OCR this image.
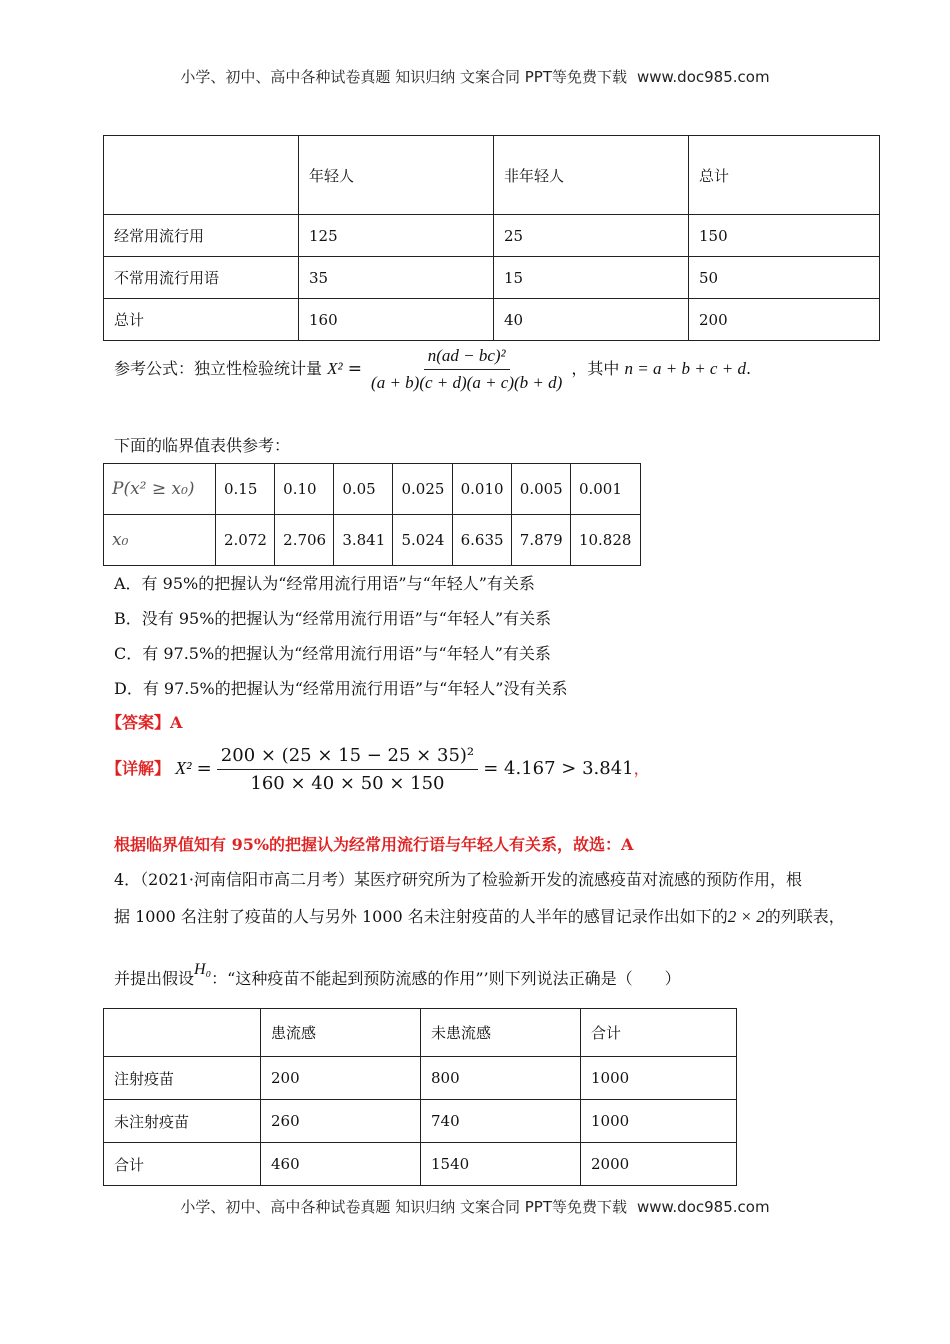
小学、初中、高中各种试卷真题 知识归纳 文案合同 PPT等免费下载 www.doc985.com
	年轻人	非年轻人	总计
经常用流行用	125	25	150
不常用流行用语	35	15	50
总计	160	40	200
参考公式：独立性检验统计量 $X^2 = \frac{\text{n(ad − bc)²}}{(a + b)(c + d)(a + c)(b + d)}$ ，其中 n = a + b + c + d.
下面的临界值表供参考：
P(x² ≥ x₀)	0.15	0.10	0.05	0.025	0.010	0.005	0.001
x₀	2.072	2.706	3.841	5.024	6.635	7.879	10.828
A．有 95%的把握认为“经常用流行用语”与“年轻人”有关系
B．没有 95%的把握认为“经常用流行用语”与“年轻人”有关系
C．有 97.5%的把握认为“经常用流行用语”与“年轻人”有关系
D．有 97.5%的把握认为“经常用流行用语”与“年轻人”没有关系
【答案】A
【详解】 $X^2 = \frac{\text{200 × (25 × 15 − 25 × 35)²}}{160 \times 40 \times 50 \times 150} = 4.167 > 3.841$，
根据临界值知有 95%的把握认为经常用流行语与年轻人有关系，故选：A
4．（2021·河南信阳市高二月考）某医疗研究所为了检验新开发的流感疫苗对流感的预防作用，根
据 1000 名注射了疫苗的人与另外 1000 名未注射疫苗的人半年的感冒记录作出如下的2 × 2的列联表，
并提出假设H₀：“这种疫苗不能起到预防流感的作用”’则下列说法正确是（　　）
	患流感	未患流感	合计
注射疫苗	200	800	1000
未注射疫苗	260	740	1000
合计	460	1540	2000
小学、初中、高中各种试卷真题 知识归纳 文案合同 PPT等免费下载 www.doc985.com
